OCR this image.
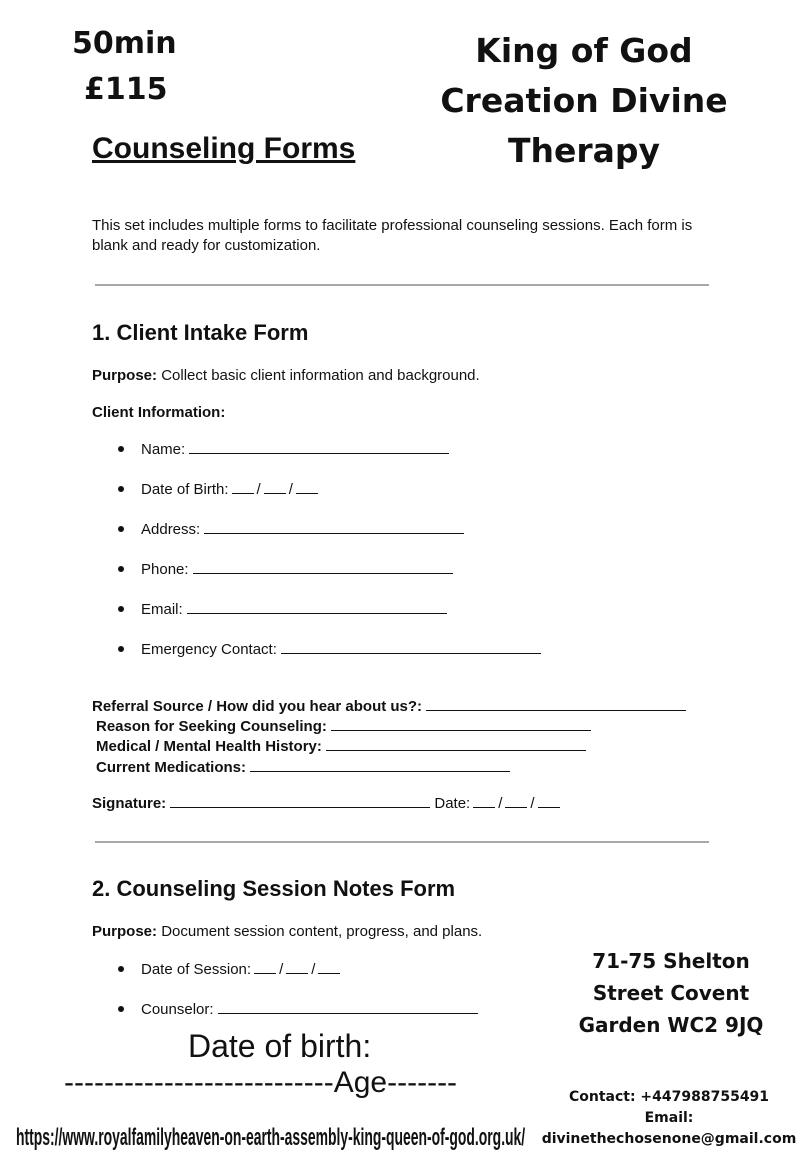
50min
£115
King of God
Creation Divine
Therapy
Counseling Forms
This set includes multiple forms to facilitate professional counseling sessions. Each form is
blank and ready for customization.
1. Client Intake Form
Purpose: Collect basic client information and background.
Client Information:
Name:
Date of Birth: / /
Address:
Phone:
Email:
Emergency Contact:
Referral Source / How did you hear about us?:
Reason for Seeking Counseling:
Medical / Mental Health History:
Current Medications:
Signature:	Date: / /
2. Counseling Session Notes Form
Purpose: Document session content, progress, and plans.
Date of Session: / /
Counselor:
Date of birth:
---------------------------Age-------
https://www.royalfamilyheaven-on-earth-assembly-king-queen-of-god.org.uk/
71-75 Shelton
Street Covent
Garden WC2 9JQ
Contact: +447988755491
Email:
divinethechosenone@gmail.com
